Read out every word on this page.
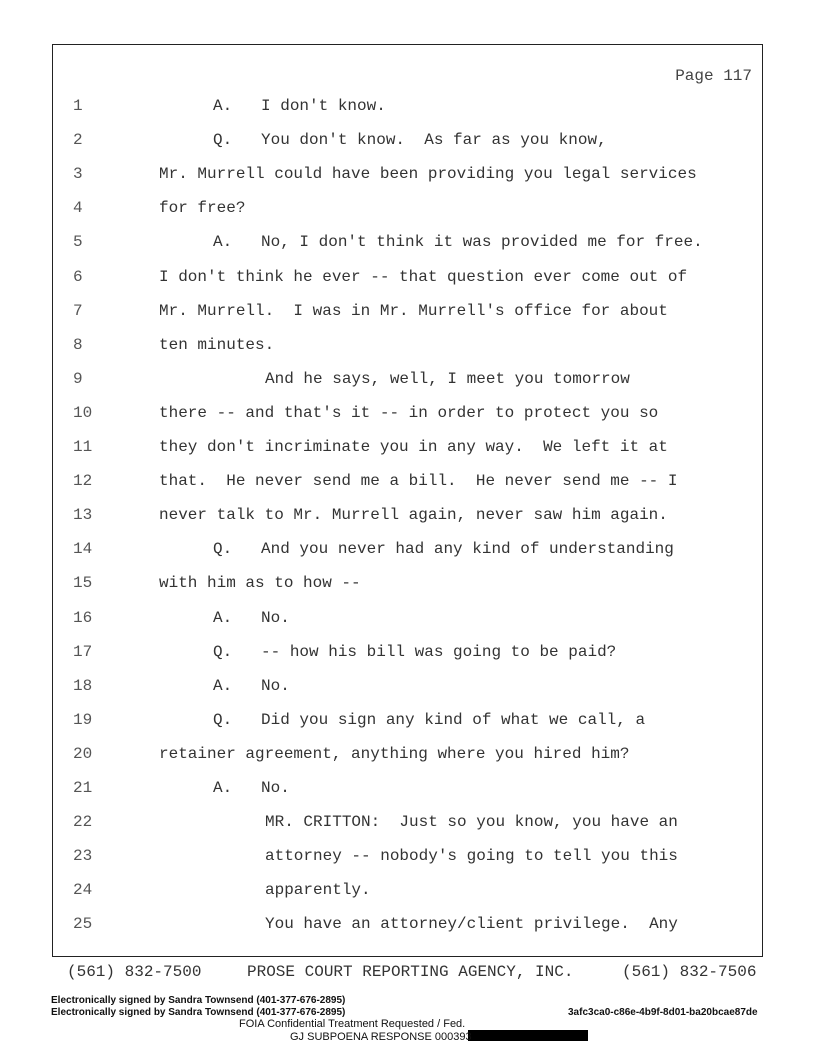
Page 117
1	A.   I don't know.
2	Q.   You don't know.  As far as you know,
3	Mr. Murrell could have been providing you legal services
4	for free?
5	A.   No, I don't think it was provided me for free.
6	I don't think he ever -- that question ever come out of
7	Mr. Murrell.  I was in Mr. Murrell's office for about
8	ten minutes.
9	And he says, well, I meet you tomorrow
10	there -- and that's it -- in order to protect you so
11	they don't incriminate you in any way.  We left it at
12	that.  He never send me a bill.  He never send me -- I
13	never talk to Mr. Murrell again, never saw him again.
14	Q.   And you never had any kind of understanding
15	with him as to how --
16	A.   No.
17	Q.   -- how his bill was going to be paid?
18	A.   No.
19	Q.   Did you sign any kind of what we call, a
20	retainer agreement, anything where you hired him?
21	A.   No.
22	MR. CRITTON:  Just so you know, you have an
23	attorney -- nobody's going to tell you this
24	apparently.
25	You have an attorney/client privilege.  Any
(561) 832-7500	PROSE COURT REPORTING AGENCY, INC.	(561) 832-7506
Electronically signed by Sandra Townsend (401-377-676-2895)
Electronically signed by Sandra Townsend (401-377-676-2895)	3afc3ca0-c86e-4b9f-8d01-ba20bcae87de
FOIA Confidential Treatment Requested / Fed.
GJ SUBPOENA RESPONSE 000393
